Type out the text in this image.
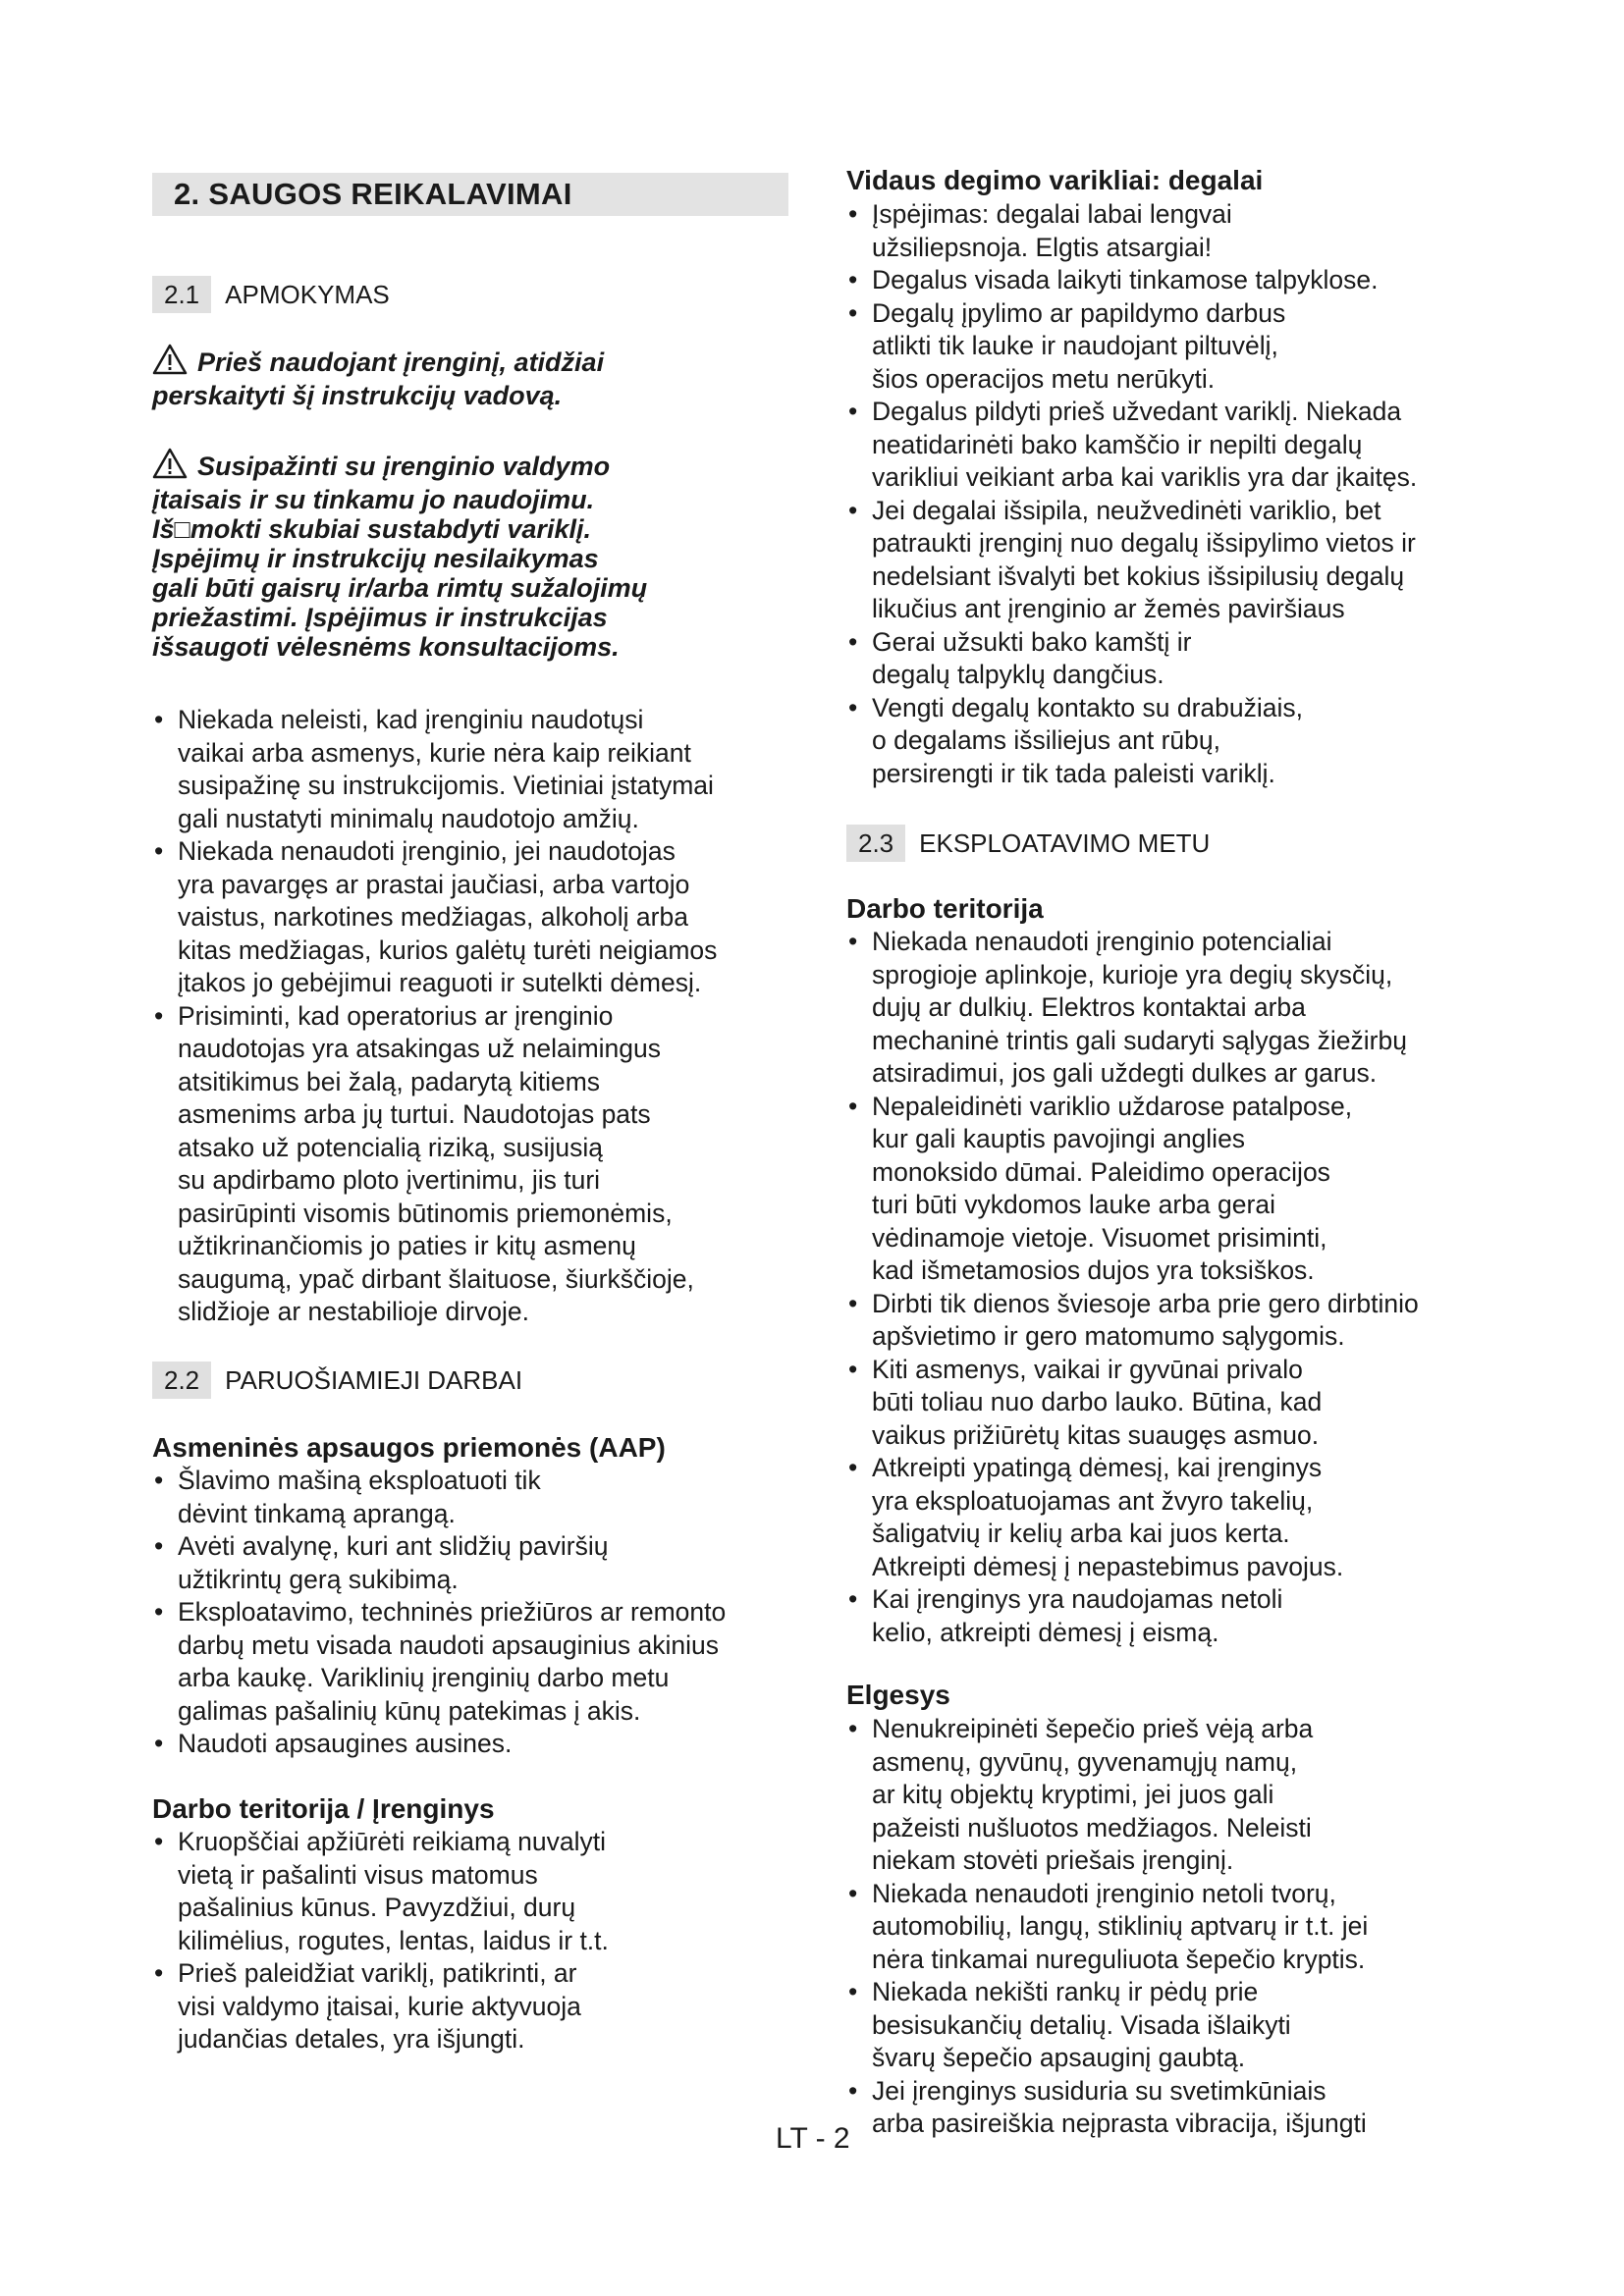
2. SAUGOS REIKALAVIMAI
2.1 APMOKYMAS
Prieš naudojant įrenginį, atidžiai
perskaityti šį instrukcijų vadovą.
Susipažinti su įrenginio valdymo
įtaisais ir su tinkamu jo naudojimu.
Iš□mokti skubiai sustabdyti variklį.
Įspėjimų ir instrukcijų nesilaikymas
gali būti gaisrų ir/arba rimtų sužalojimų
priežastimi. Įspėjimus ir instrukcijas
išsaugoti vėlesnėms konsultacijoms.
• Niekada neleisti, kad įrenginiu naudotųsi
vaikai arba asmenys, kurie nėra kaip reikiant
susipažinę su instrukcijomis. Vietiniai įstatymai
gali nustatyti minimalų naudotojo amžių.
• Niekada nenaudoti įrenginio, jei naudotojas
yra pavargęs ar prastai jaučiasi, arba vartojo
vaistus, narkotines medžiagas, alkoholį arba
kitas medžiagas, kurios galėtų turėti neigiamos
įtakos jo gebėjimui reaguoti ir sutelkti dėmesį.
• Prisiminti, kad operatorius ar įrenginio
naudotojas yra atsakingas už nelaimingus
atsitikimus bei žalą, padarytą kitiems
asmenims arba jų turtui. Naudotojas pats
atsako už potencialią riziką, susijusią
su apdirbamo ploto įvertinimu, jis turi
pasirūpinti visomis būtinomis priemonėmis,
užtikrinančiomis jo paties ir kitų asmenų
saugumą, ypač dirbant šlaituose, šiurkščioje,
slidžioje ar nestabilioje dirvoje.
2.2 PARUOŠIAMIEJI DARBAI
Asmeninės apsaugos priemonės (AAP)
• Šlavimo mašiną eksploatuoti tik
dėvint tinkamą aprangą.
• Avėti avalynę, kuri ant slidžių paviršių
užtikrintų gerą sukibimą.
• Eksploatavimo, techninės priežiūros ar remonto
darbų metu visada naudoti apsauginius akinius
arba kaukę. Variklinių įrenginių darbo metu
galimas pašalinių kūnų patekimas į akis.
• Naudoti apsaugines ausines.
Darbo teritorija / Įrenginys
• Kruopščiai apžiūrėti reikiamą nuvalyti
vietą ir pašalinti visus matomus
pašalinius kūnus. Pavyzdžiui, durų
kilimėlius, rogutes, lentas, laidus ir t.t.
• Prieš paleidžiat variklį, patikrinti, ar
visi valdymo įtaisai, kurie aktyvuoja
judančias detales, yra išjungti.
Vidaus degimo varikliai: degalai
• Įspėjimas: degalai labai lengvai
užsiliepsnoja. Elgtis atsargiai!
• Degalus visada laikyti tinkamose talpyklose.
• Degalų įpylimo ar papildymo darbus
atlikti tik lauke ir naudojant piltuvėlį,
šios operacijos metu nerūkyti.
• Degalus pildyti prieš užvedant variklį. Niekada
neatidarinėti bako kamščio ir nepilti degalų
varikliui veikiant arba kai variklis yra dar įkaitęs.
• Jei degalai išsipila, neužvedinėti variklio, bet
patraukti įrenginį nuo degalų išsipylimo vietos ir
nedelsiant išvalyti bet kokius išsipilusių degalų
likučius ant įrenginio ar žemės paviršiaus
• Gerai užsukti bako kamštį ir
degalų talpyklų dangčius.
• Vengti degalų kontakto su drabužiais,
o degalams išsiliejus ant rūbų,
persirengti ir tik tada paleisti variklį.
2.3 EKSPLOATAVIMO METU
Darbo teritorija
• Niekada nenaudoti įrenginio potencialiai
sprogioje aplinkoje, kurioje yra degių skysčių,
dujų ar dulkių. Elektros kontaktai arba
mechaninė trintis gali sudaryti sąlygas žiežirbų
atsiradimui, jos gali uždegti dulkes ar garus.
• Nepaleidinėti variklio uždarose patalpose,
kur gali kauptis pavojingi anglies
monoksido dūmai. Paleidimo operacijos
turi būti vykdomos lauke arba gerai
vėdinamoje vietoje. Visuomet prisiminti,
kad išmetamosios dujos yra toksiškos.
• Dirbti tik dienos šviesoje arba prie gero dirbtinio
apšvietimo ir gero matomumo sąlygomis.
• Kiti asmenys, vaikai ir gyvūnai privalo
būti toliau nuo darbo lauko. Būtina, kad
vaikus prižiūrėtų kitas suaugęs asmuo.
• Atkreipti ypatingą dėmesį, kai įrenginys
yra eksploatuojamas ant žvyro takelių,
šaligatvių ir kelių arba kai juos kerta.
Atkreipti dėmesį į nepastebimus pavojus.
• Kai įrenginys yra naudojamas netoli
kelio, atkreipti dėmesį į eismą.
Elgesys
• Nenukreipinėti šepečio prieš vėją arba
asmenų, gyvūnų, gyvenamųjų namų,
ar kitų objektų kryptimi, jei juos gali
pažeisti nušluotos medžiagos. Neleisti
niekam stovėti priešais įrenginį.
• Niekada nenaudoti įrenginio netoli tvorų,
automobilių, langų, stiklinių aptvarų ir t.t. jei
nėra tinkamai nureguliuota šepečio kryptis.
• Niekada nekišti rankų ir pėdų prie
besisukančių detalių. Visada išlaikyti
švarų šepečio apsauginį gaubtą.
• Jei įrenginys susiduria su svetimkūniais
arba pasireiškia neįprasta vibracija, išjungti
LT - 2
